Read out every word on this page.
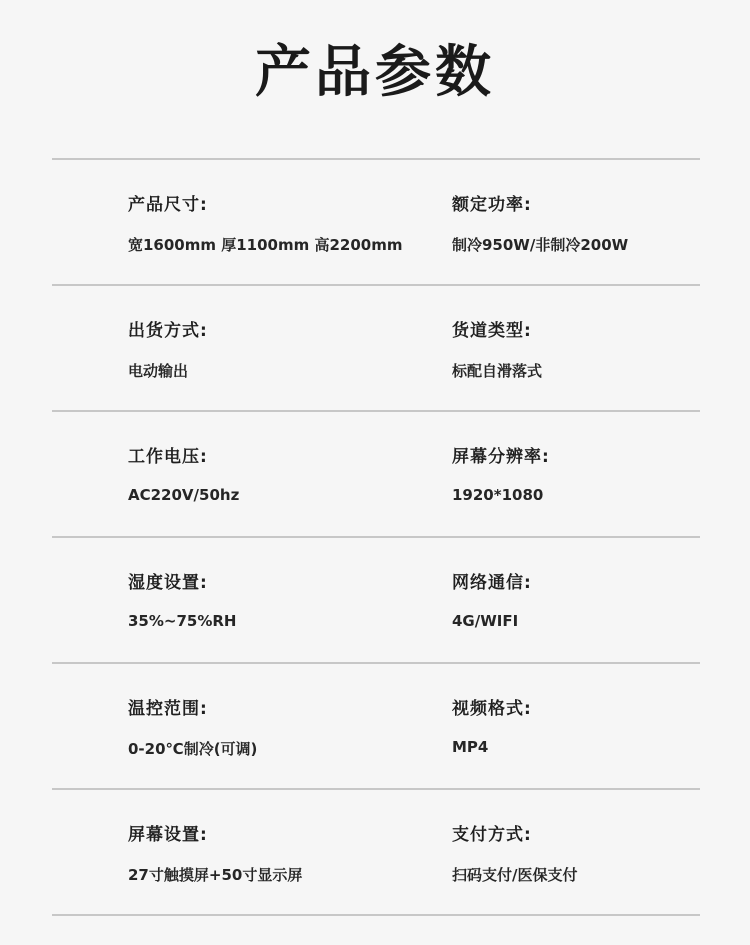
产品参数
产品尺寸:
宽1600mm 厚1100mm 高2200mm
额定功率:
制冷950W/非制冷200W
出货方式:
电动输出
货道类型:
标配自滑落式
工作电压:
AC220V/50hz
屏幕分辨率:
1920*1080
湿度设置:
35%~75%RH
网络通信:
4G/WIFI
温控范围:
0-20℃制冷(可调)
视频格式:
MP4
屏幕设置:
27寸触摸屏+50寸显示屏
支付方式:
扫码支付/医保支付
